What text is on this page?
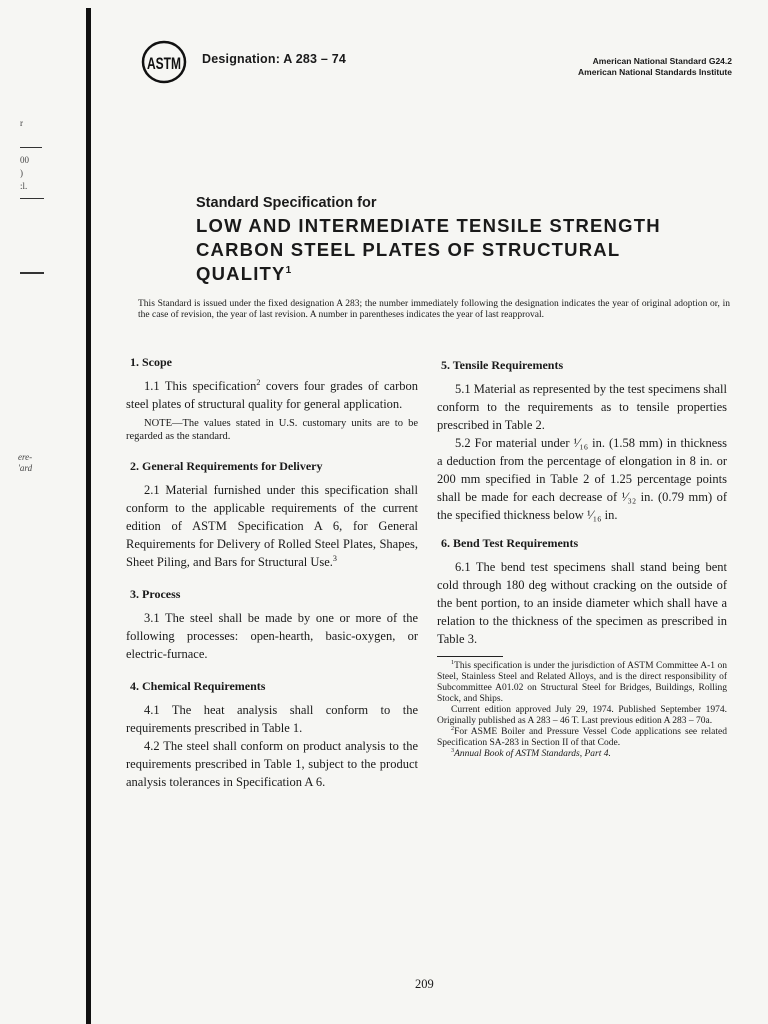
r
00
)
:l.
ere-
'ard
ASTM Designation: A 283 – 74	American National Standard G24.2
American National Standards Institute
Standard Specification for
LOW AND INTERMEDIATE TENSILE STRENGTH
CARBON STEEL PLATES OF STRUCTURAL
QUALITY$^1$
This Standard is issued under the fixed designation A 283; the number immediately following the designation indicates the year of original adoption or, in the case of revision, the year of last revision. A number in parentheses indicates the year of last reapproval.
1. Scope

1.1 This specification$^2$ covers four grades of carbon steel plates of structural quality for general application.

NOTE—The values stated in U.S. customary units are to be regarded as the standard.

2. General Requirements for Delivery

2.1 Material furnished under this specification shall conform to the applicable requirements of the current edition of ASTM Specification A 6, for General Requirements for Delivery of Rolled Steel Plates, Shapes, Sheet Piling, and Bars for Structural Use.$^3$

3. Process

3.1 The steel shall be made by one or more of the following processes: open-hearth, basic-oxygen, or electric-furnace.

4. Chemical Requirements

4.1 The heat analysis shall conform to the requirements prescribed in Table 1.

4.2 The steel shall conform on product analysis to the requirements prescribed in Table 1, subject to the product analysis tolerances in Specification A 6.

5. Tensile Requirements

5.1 Material as represented by the test specimens shall conform to the requirements as to tensile properties prescribed in Table 2.

5.2 For material under ¹⁄₁₆ in. (1.58 mm) in thickness a deduction from the percentage of elongation in 8 in. or 200 mm specified in Table 2 of 1.25 percentage points shall be made for each decrease of ¹⁄₃₂ in. (0.79 mm) of the specified thickness below ¹⁄₁₆ in.

6. Bend Test Requirements

6.1 The bend test specimens shall stand being bent cold through 180 deg without cracking on the outside of the bent portion, to an inside diameter which shall have a relation to the thickness of the specimen as prescribed in Table 3.

$^1$This specification is under the jurisdiction of ASTM Committee A-1 on Steel, Stainless Steel and Related Alloys, and is the direct responsibility of Subcommittee A01.02 on Structural Steel for Bridges, Buildings, Rolling Stock, and Ships.

Current edition approved July 29, 1974. Published September 1974. Originally published as A 283 – 46 T. Last previous edition A 283 – 70a.

$^2$For ASME Boiler and Pressure Vessel Code applications see related Specification SA-283 in Section II of that Code.

$^3$Annual Book of ASTM Standards, Part 4.

209
